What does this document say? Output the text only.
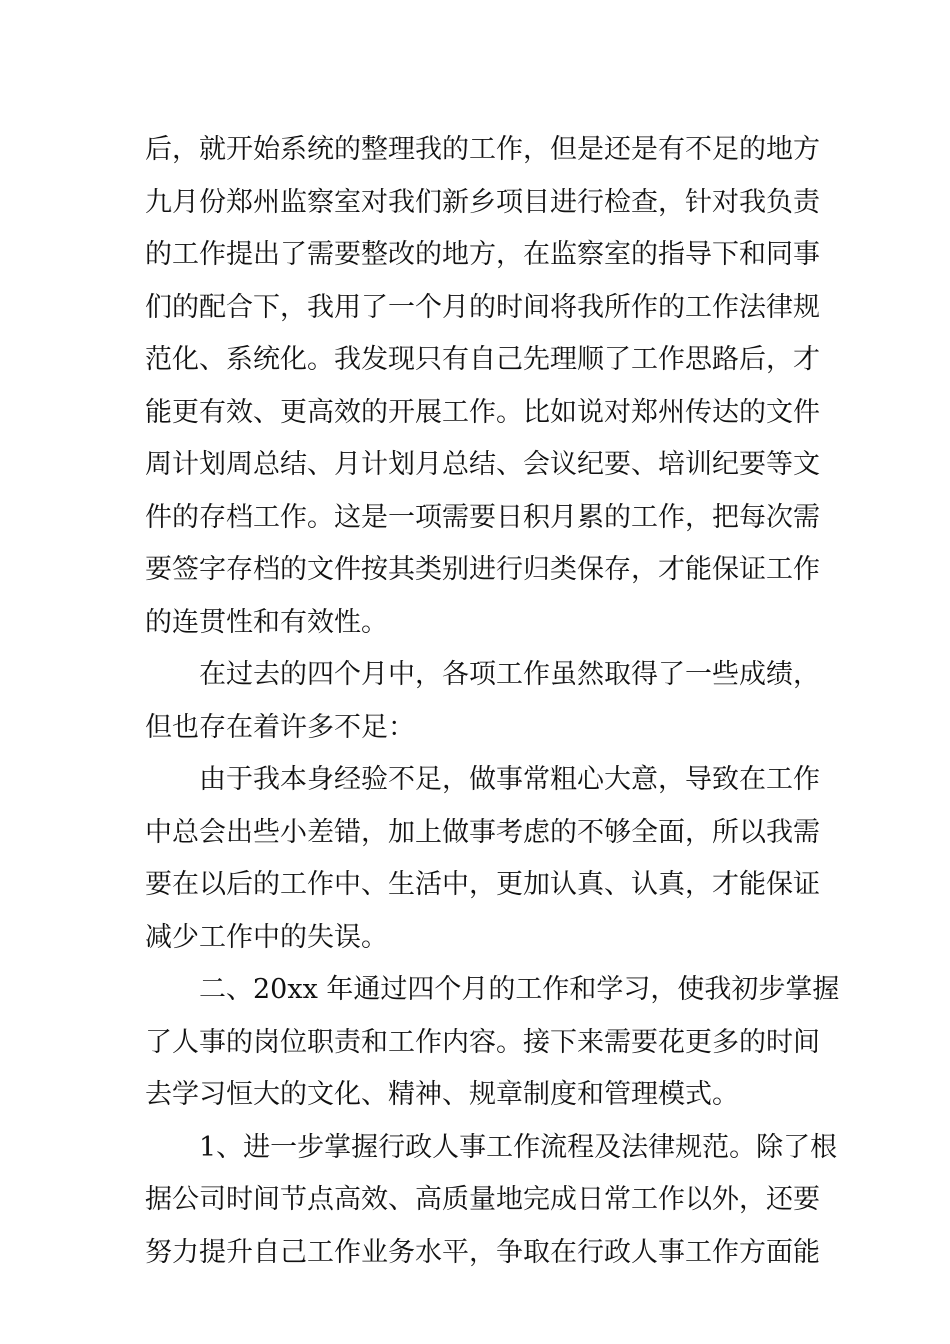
后，就开始系统的整理我的工作，但是还是有不足的地方
九月份郑州监察室对我们新乡项目进行检查，针对我负责
的工作提出了需要整改的地方，在监察室的指导下和同事
们的配合下，我用了一个月的时间将我所作的工作法律规
范化、系统化。我发现只有自己先理顺了工作思路后，才
能更有效、更高效的开展工作。比如说对郑州传达的文件
周计划周总结、月计划月总结、会议纪要、培训纪要等文
件的存档工作。这是一项需要日积月累的工作，把每次需
要签字存档的文件按其类别进行归类保存，才能保证工作
的连贯性和有效性。
在过去的四个月中，各项工作虽然取得了一些成绩，
但也存在着许多不足：
由于我本身经验不足，做事常粗心大意，导致在工作
中总会出些小差错，加上做事考虑的不够全面，所以我需
要在以后的工作中、生活中，更加认真、认真，才能保证
减少工作中的失误。
二、20xx 年通过四个月的工作和学习，使我初步掌握
了人事的岗位职责和工作内容。接下来需要花更多的时间
去学习恒大的文化、精神、规章制度和管理模式。
1、进一步掌握行政人事工作流程及法律规范。除了根
据公司时间节点高效、高质量地完成日常工作以外，还要
努力提升自己工作业务水平，争取在行政人事工作方面能
